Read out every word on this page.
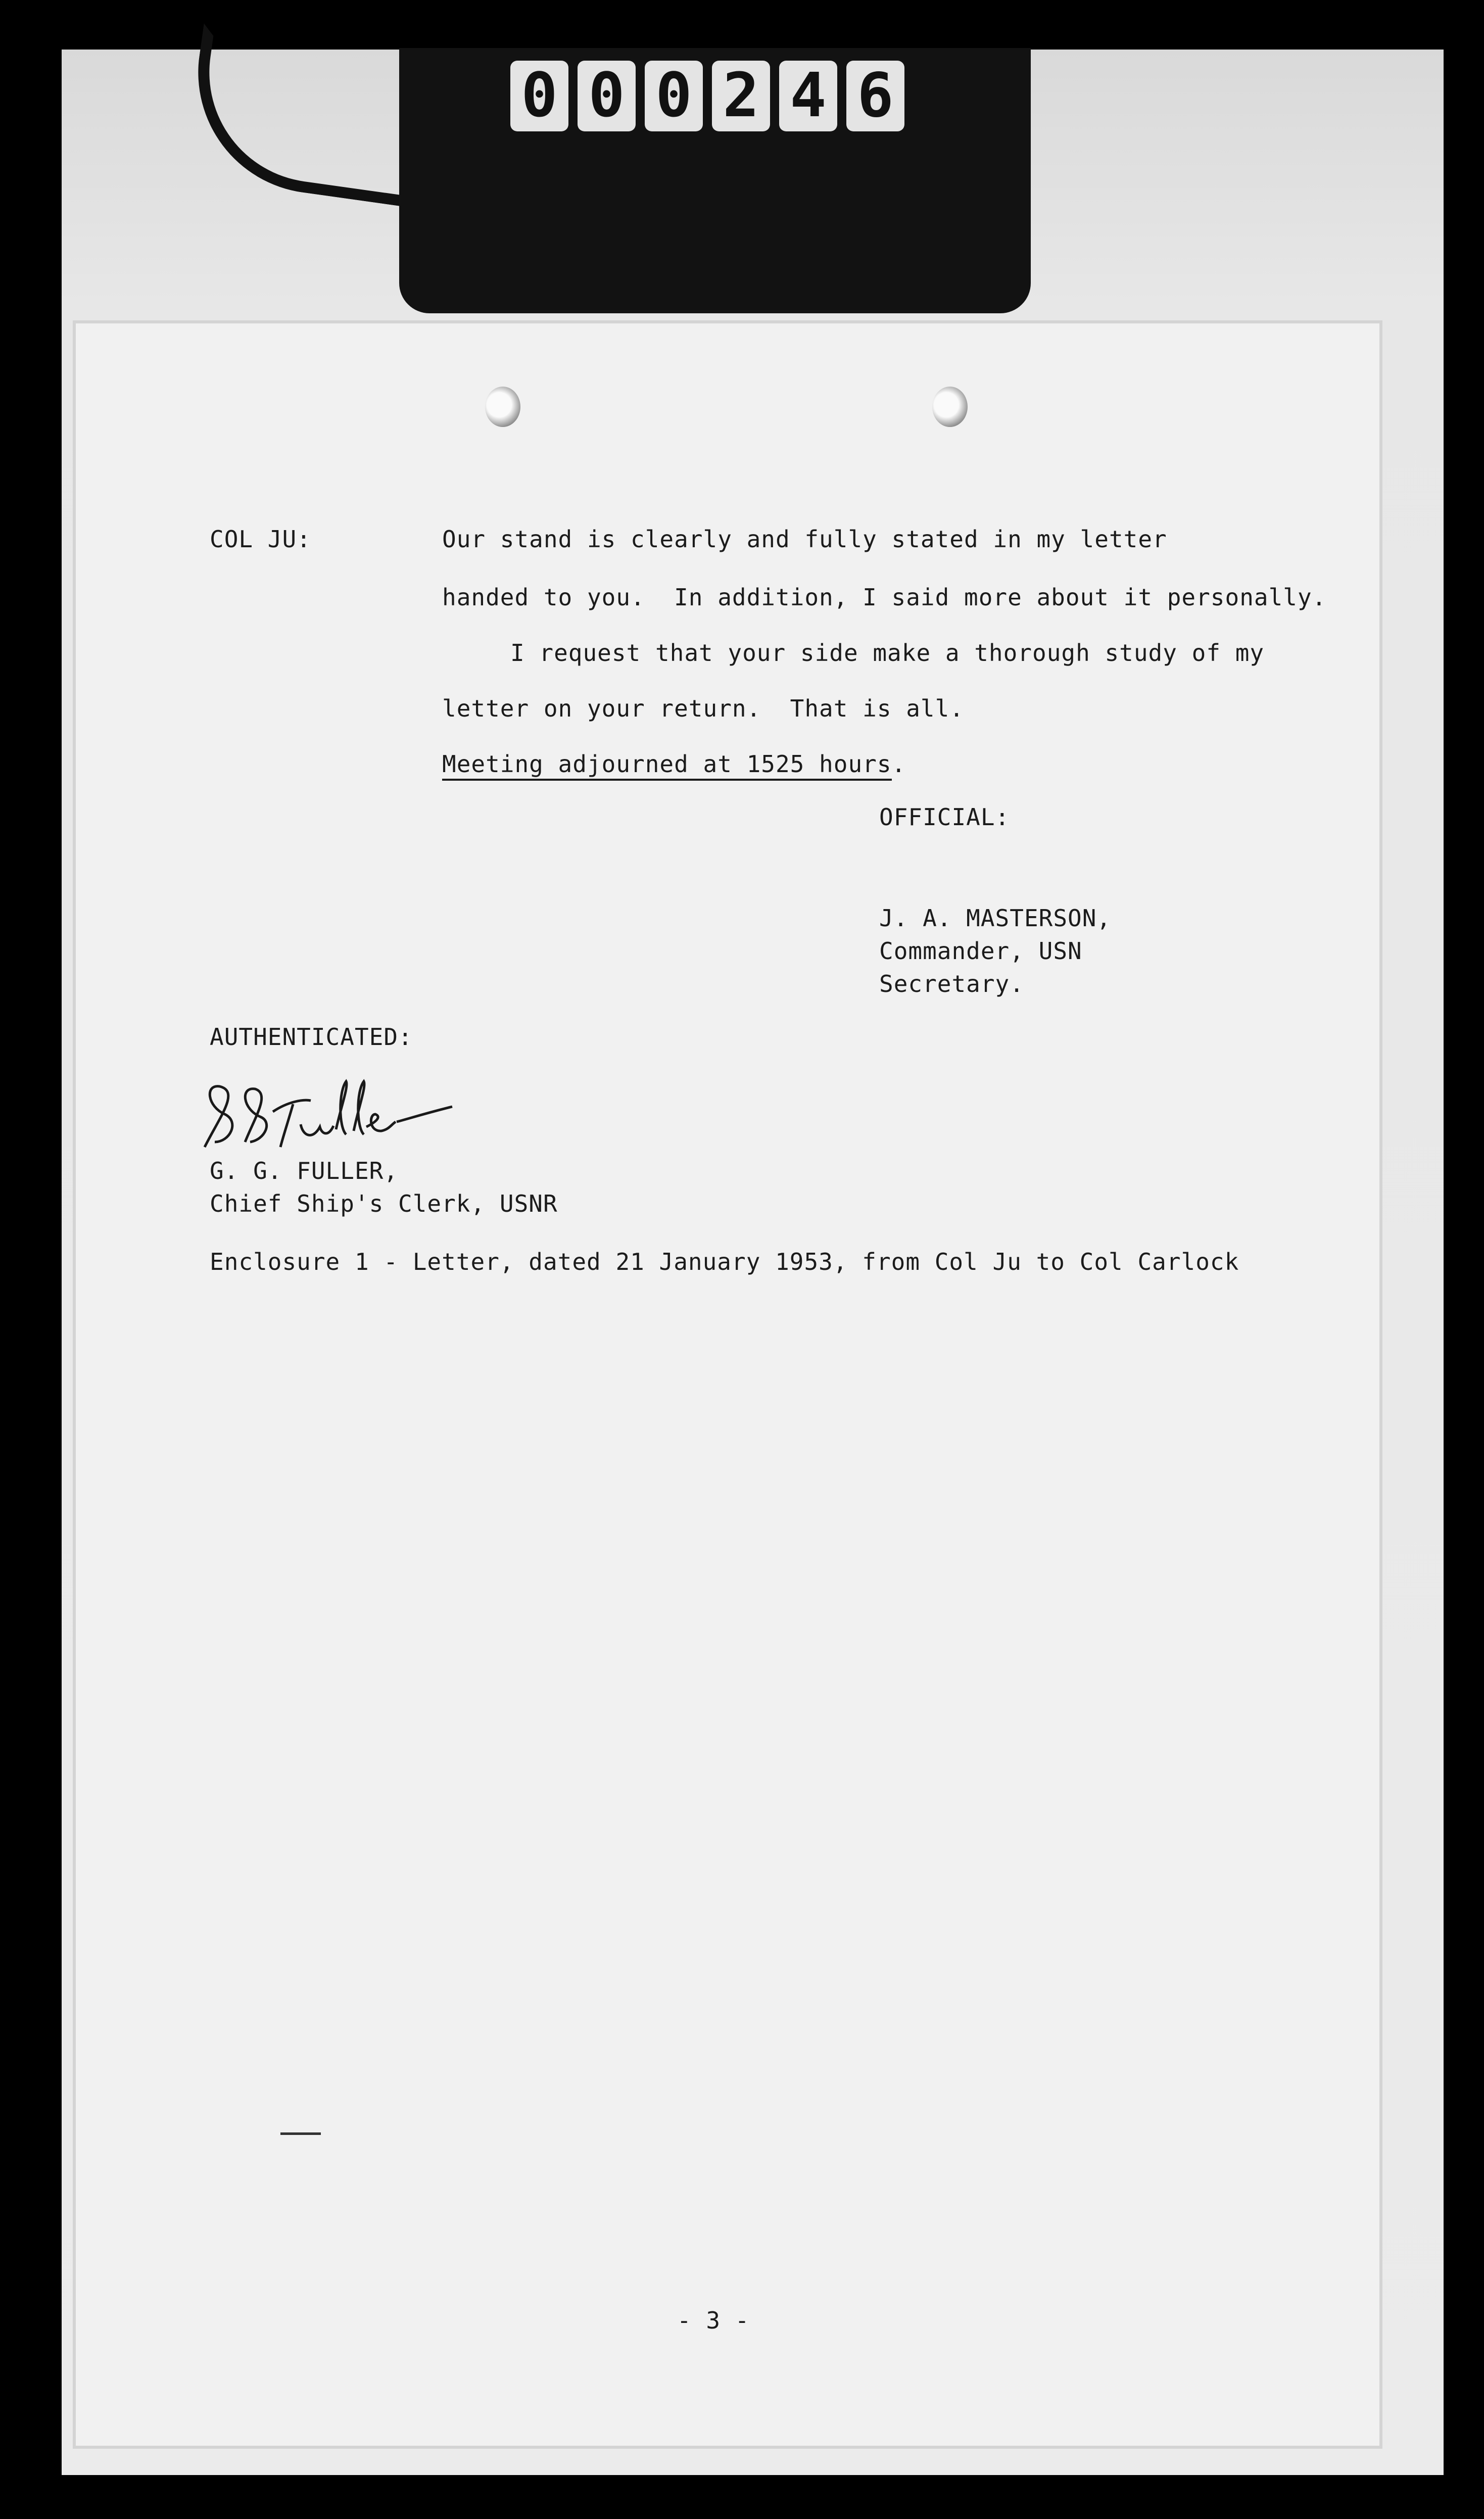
0 0 0 2 4 6
COL JU:	Our stand is clearly and fully stated in my letter
handed to you.  In addition, I said more about it personally.
I request that your side make a thorough study of my
letter on your return.  That is all.
Meeting adjourned at 1525 hours.
OFFICIAL:
J. A. MASTERSON,
Commander, USN
Secretary.
AUTHENTICATED:
G. G. FULLER,
Chief Ship's Clerk, USNR
Enclosure 1 - Letter, dated 21 January 1953, from Col Ju to Col Carlock
- 3 -
